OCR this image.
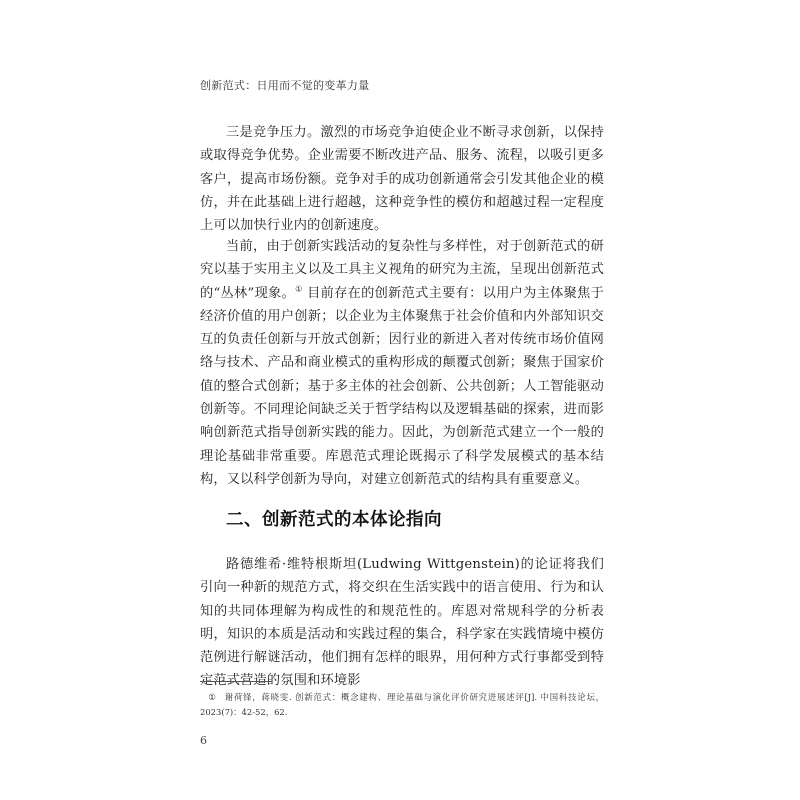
创新范式：日用而不觉的变革力量

三是竞争压力。激烈的市场竞争迫使企业不断寻求创新，以保持或取得竞争优势。企业需要不断改进产品、服务、流程，以吸引更多客户，提高市场份额。竞争对手的成功创新通常会引发其他企业的模仿，并在此基础上进行超越，这种竞争性的模仿和超越过程一定程度上可以加快行业内的创新速度。

当前，由于创新实践活动的复杂性与多样性，对于创新范式的研究以基于实用主义以及工具主义视角的研究为主流，呈现出创新范式的“丛林”现象。① 目前存在的创新范式主要有：以用户为主体聚焦于经济价值的用户创新；以企业为主体聚焦于社会价值和内外部知识交互的负责任创新与开放式创新；因行业的新进入者对传统市场价值网络与技术、产品和商业模式的重构形成的颠覆式创新；聚焦于国家价值的整合式创新；基于多主体的社会创新、公共创新；人工智能驱动创新等。不同理论间缺乏关于哲学结构以及逻辑基础的探索，进而影响创新范式指导创新实践的能力。因此，为创新范式建立一个一般的理论基础非常重要。库恩范式理论既揭示了科学发展模式的基本结构，又以科学创新为导向，对建立创新范式的结构具有重要意义。

二、创新范式的本体论指向

路德维希·维特根斯坦(Ludwing Wittgenstein)的论证将我们引向一种新的规范方式，将交织在生活实践中的语言使用、行为和认知的共同体理解为构成性的和规范性的。库恩对常规科学的分析表明，知识的本质是活动和实践过程的集合，科学家在实践情境中模仿范例进行解谜活动，他们拥有怎样的眼界，用何种方式行事都受到特定范式营造的氛围和环境影

① 谢荷锋，蒋晓雯. 创新范式：概念建构、理论基础与演化评价研究进展述评[J]. 中国科技论坛，2023(7)：42-52，62.

6
